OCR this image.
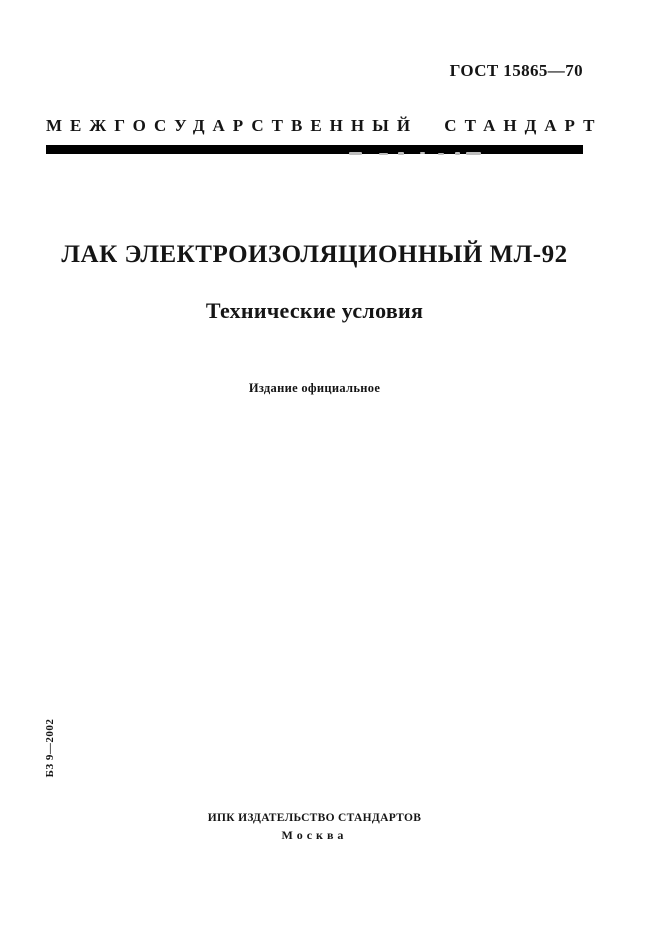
ГОСТ 15865—70
МЕЖГОСУДАРСТВЕННЫЙ СТАНДАРТ
ЛАК ЭЛЕКТРОИЗОЛЯЦИОННЫЙ МЛ-92
Технические условия
Издание официальное
БЗ 9—2002
ИПК ИЗДАТЕЛЬСТВО СТАНДАРТОВ
Москва
